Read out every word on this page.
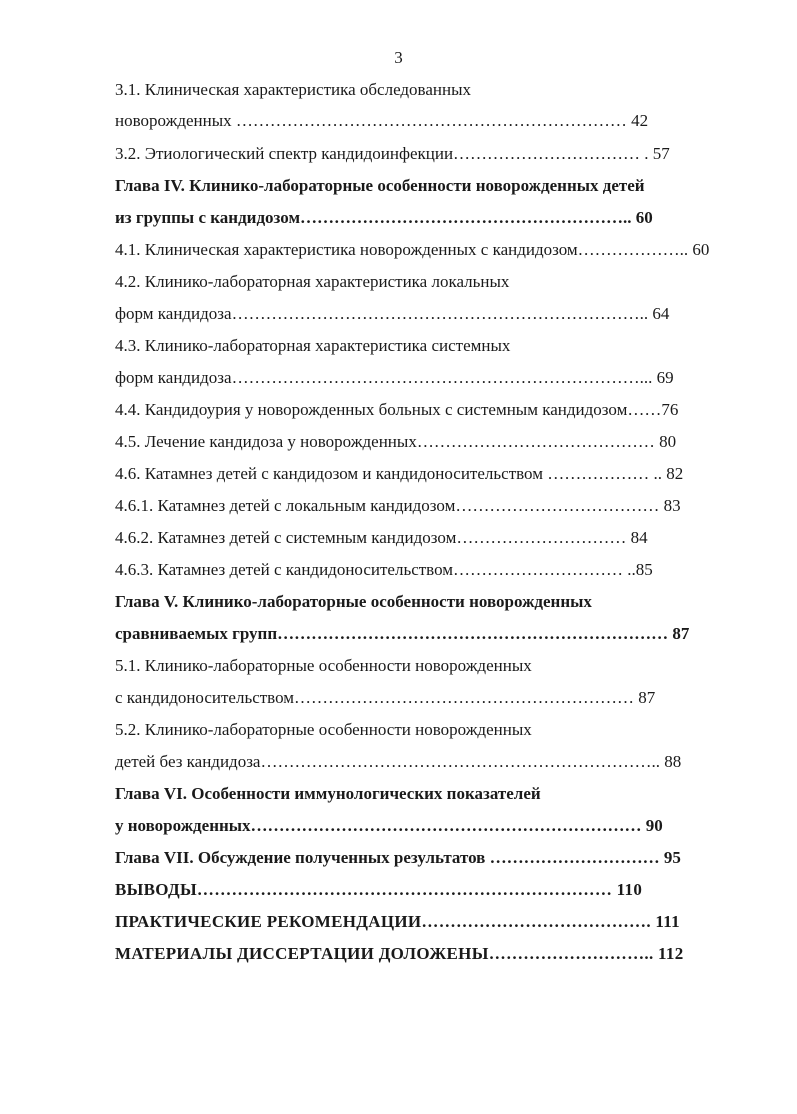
3
3.1. Клиническая характеристика обследованных
новорожденных …………………………………………………………… 42
3.2. Этиологический спектр кандидоинфекции…………………………… . 57
Глава IV. Клинико-лабораторные особенности новорожденных детей
из группы с кандидозом………………………………………………….. 60
4.1. Клиническая характеристика новорожденных с кандидозом……………….. 60
4.2. Клинико-лабораторная характеристика локальных
форм кандидоза……………………………………………………………….. 64
4.3. Клинико-лабораторная характеристика системных
форм кандидоза………………………………………………………………... 69
4.4. Кандидоурия у новорожденных больных с системным кандидозом……76
4.5. Лечение кандидоза у новорожденных…………………………………… 80
4.6. Катамнез детей с кандидозом и кандидоносительством ……………… .. 82
4.6.1. Катамнез детей с локальным кандидозом……………………………… 83
4.6.2. Катамнез детей с системным кандидозом………………………… 84
4.6.3. Катамнез детей с кандидоносительством………………………… ..85
Глава V. Клинико-лабораторные особенности новорожденных
сравниваемых групп…………………………………………………………… 87
5.1. Клинико-лабораторные особенности новорожденных
с кандидоносительством…………………………………………………… 87
5.2. Клинико-лабораторные особенности новорожденных
детей без кандидоза…………………………………………………………….. 88
Глава VI. Особенности иммунологических показателей
у новорожденных…………………………………………………………… 90
Глава VII. Обсуждение полученных результатов ………………………… 95
ВЫВОДЫ……………………………………………………………… 110
ПРАКТИЧЕСКИЕ РЕКОМЕНДАЦИИ…………………………………. 111
МАТЕРИАЛЫ ДИССЕРТАЦИИ ДОЛОЖЕНЫ……………………….. 112
